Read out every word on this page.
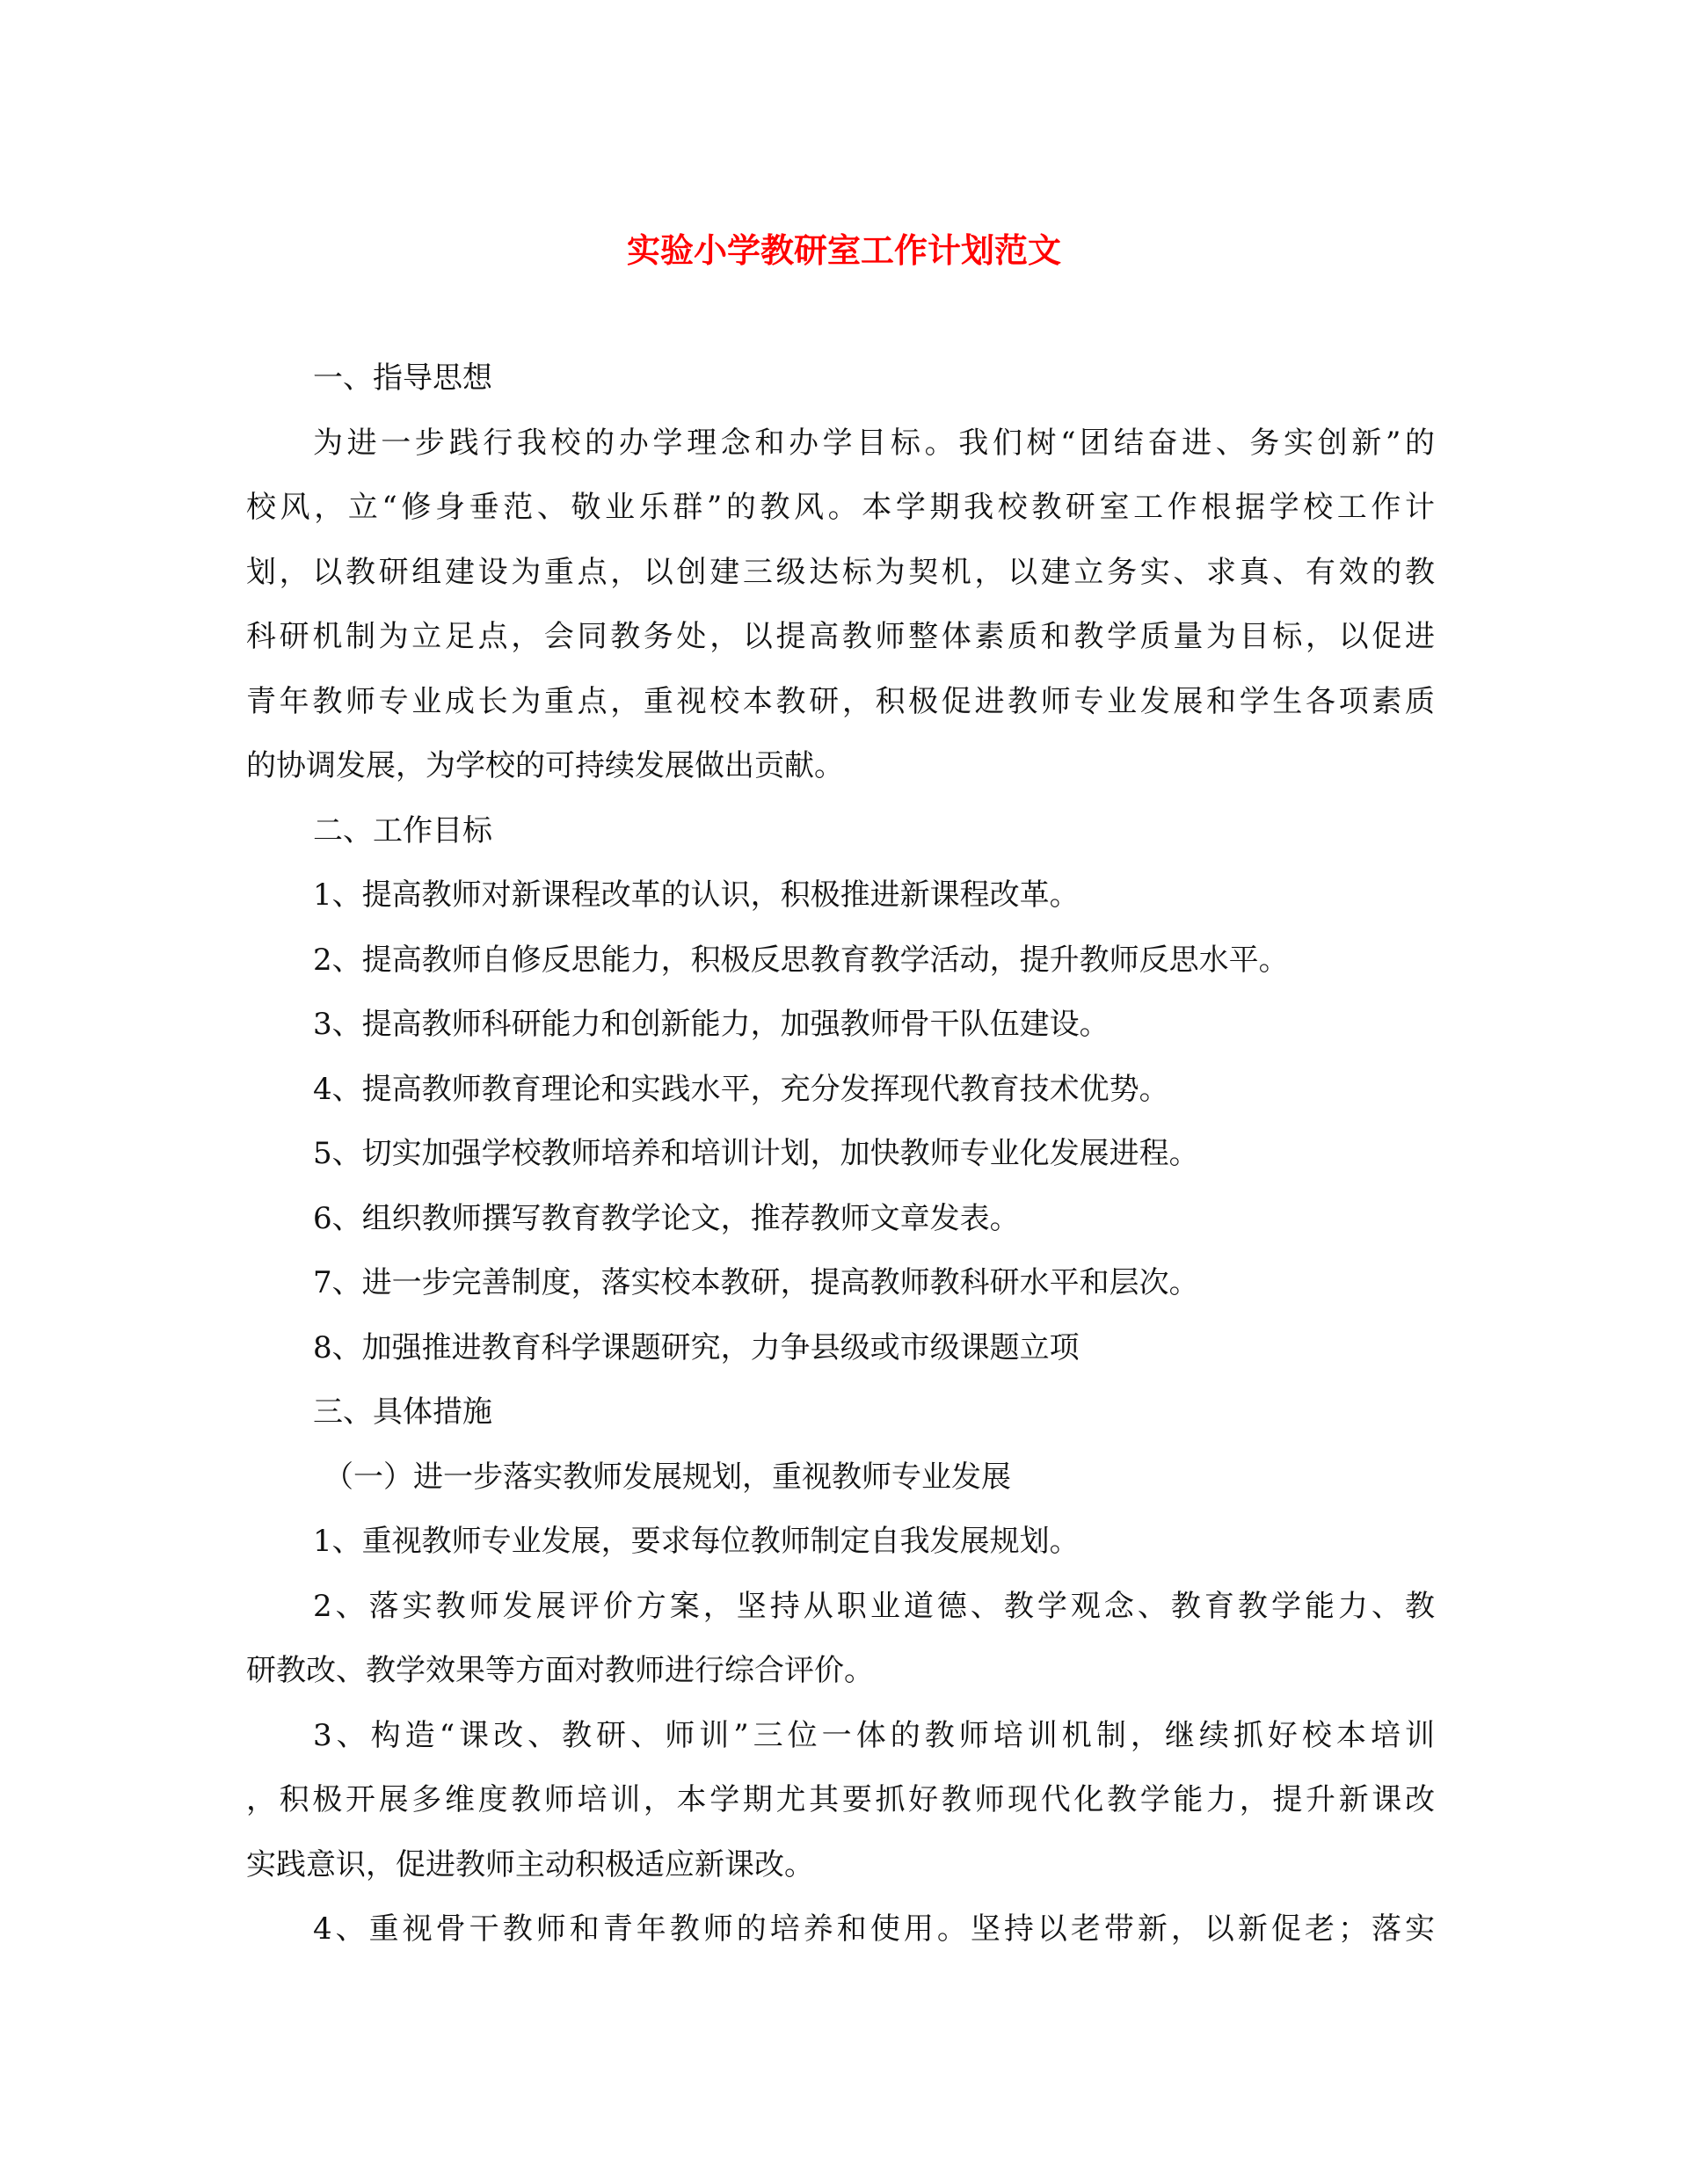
实验小学教研室工作计划范文
一、指导思想
为进一步践行我校的办学理念和办学目标。我们树“团结奋进、务实创新”的
校风，立“修身垂范、敬业乐群”的教风。本学期我校教研室工作根据学校工作计
划，以教研组建设为重点，以创建三级达标为契机，以建立务实、求真、有效的教
科研机制为立足点，会同教务处，以提高教师整体素质和教学质量为目标，以促进
青年教师专业成长为重点，重视校本教研，积极促进教师专业发展和学生各项素质
的协调发展，为学校的可持续发展做出贡献。
二、工作目标
1、提高教师对新课程改革的认识，积极推进新课程改革。
2、提高教师自修反思能力，积极反思教育教学活动，提升教师反思水平。
3、提高教师科研能力和创新能力，加强教师骨干队伍建设。
4、提高教师教育理论和实践水平，充分发挥现代教育技术优势。
5、切实加强学校教师培养和培训计划，加快教师专业化发展进程。
6、组织教师撰写教育教学论文，推荐教师文章发表。
7、进一步完善制度，落实校本教研，提高教师教科研水平和层次。
8、加强推进教育科学课题研究，力争县级或市级课题立项
三、具体措施
（一）进一步落实教师发展规划，重视教师专业发展
1、重视教师专业发展，要求每位教师制定自我发展规划。
2、落实教师发展评价方案，坚持从职业道德、教学观念、教育教学能力、教
研教改、教学效果等方面对教师进行综合评价。
3、构造“课改、教研、师训”三位一体的教师培训机制，继续抓好校本培训
，积极开展多维度教师培训，本学期尤其要抓好教师现代化教学能力，提升新课改
实践意识，促进教师主动积极适应新课改。
4、重视骨干教师和青年教师的培养和使用。坚持以老带新，以新促老；落实
